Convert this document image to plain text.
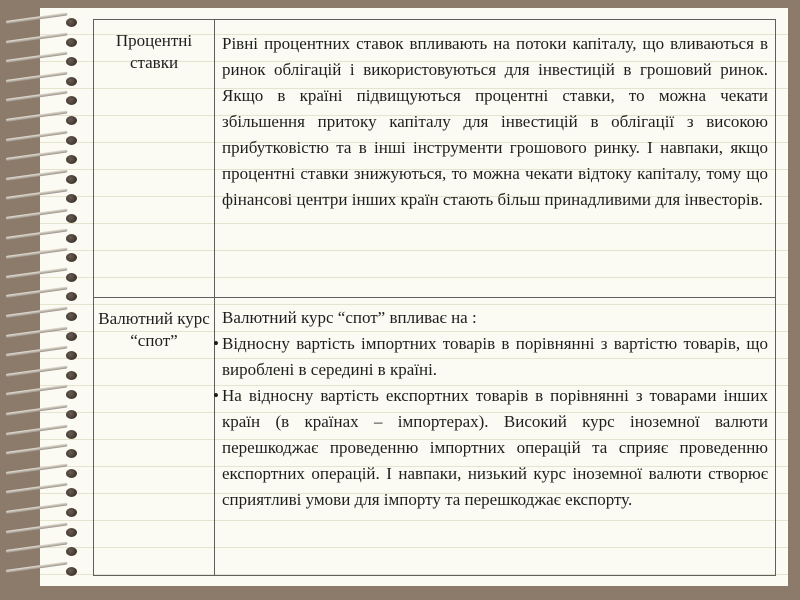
Процентні ставки
Рівні процентних ставок впливають на потоки капіталу, що вливаються в ринок облігацій і використовуються для інвестицій в грошовий ринок. Якщо в країні підвищуються процентні ставки, то можна чекати збільшення притоку капіталу для інвестицій в облігації з високою прибутковістю та в інші інструменти грошового ринку. І навпаки, якщо процентні ставки знижуються, то можна чекати відтоку капіталу, тому що фінансові центри інших країн стають більш принадливими для інвесторів.
Валютний курс “спот”
Валютний курс “спот” впливає на :
• Відносну вартість імпортних товарів в порівнянні з вартістю товарів, що вироблені в середині в країні.
• На відносну вартість експортних товарів в порівнянні з товарами інших країн (в країнах – імпортерах). Високий курс іноземної валюти перешкоджає проведенню імпортних операцій та сприяє проведенню експортних операцій. І навпаки, низький курс іноземної валюти створює сприятливі умови для імпорту та перешкоджає експорту.
